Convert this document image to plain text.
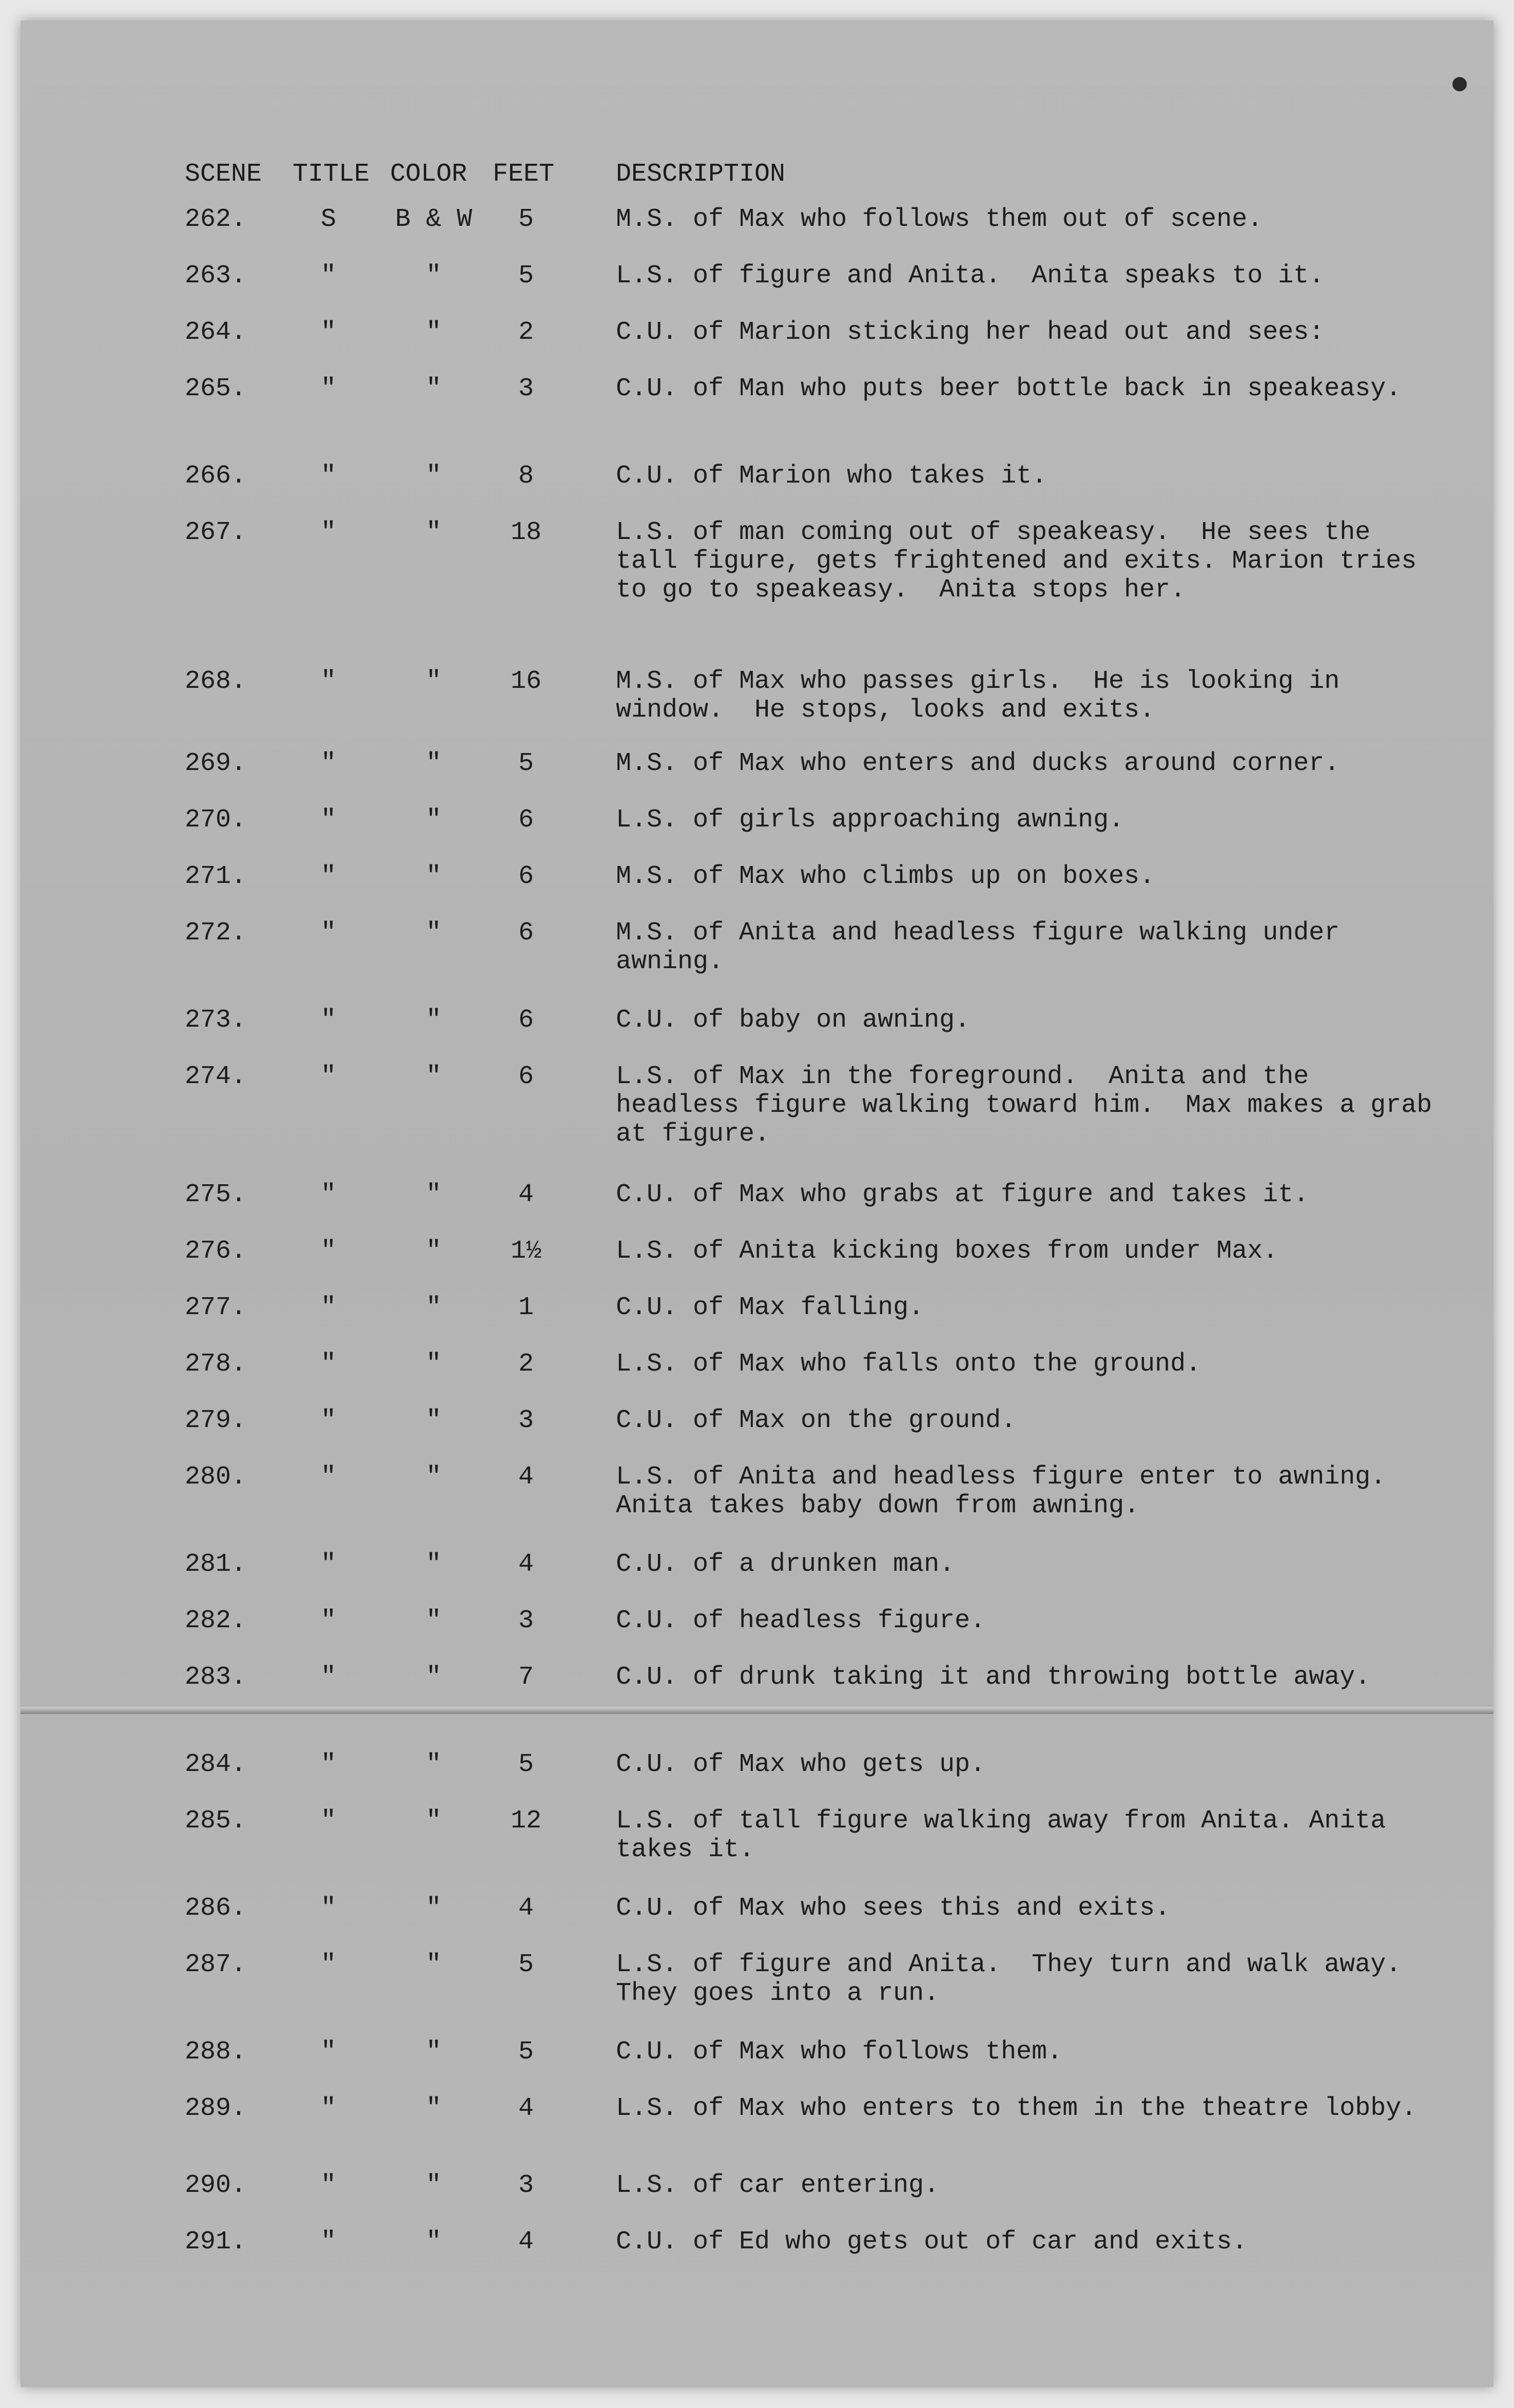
SCENE TITLE COLOR FEET DESCRIPTION
262.	S	B & W	5	M.S. of Max who follows them out of scene.
263.	"	"	5	L.S. of figure and Anita.  Anita speaks to it.
264.	"	"	2	C.U. of Marion sticking her head out and sees:
265.	"	"	3	C.U. of Man who puts beer bottle back in speakeasy.
266.	"	"	8	C.U. of Marion who takes it.
267.	"	"	18	L.S. of man coming out of speakeasy.  He sees the tall figure, gets frightened and exits. Marion tries to go to speakeasy.  Anita stops her.
268.	"	"	16	M.S. of Max who passes girls.  He is looking in window.  He stops, looks and exits.
269.	"	"	5	M.S. of Max who enters and ducks around corner.
270.	"	"	6	L.S. of girls approaching awning.
271.	"	"	6	M.S. of Max who climbs up on boxes.
272.	"	"	6	M.S. of Anita and headless figure walking under awning.
273.	"	"	6	C.U. of baby on awning.
274.	"	"	6	L.S. of Max in the foreground.  Anita and the headless figure walking toward him.  Max makes a grab at figure.
275.	"	"	4	C.U. of Max who grabs at figure and takes it.
276.	"	"	1½	L.S. of Anita kicking boxes from under Max.
277.	"	"	1	C.U. of Max falling.
278.	"	"	2	L.S. of Max who falls onto the ground.
279.	"	"	3	C.U. of Max on the ground.
280.	"	"	4	L.S. of Anita and headless figure enter to awning.  Anita takes baby down from awning.
281.	"	"	4	C.U. of a drunken man.
282.	"	"	3	C.U. of headless figure.
283.	"	"	7	C.U. of drunk taking it and throwing bottle away.
284.	"	"	5	C.U. of Max who gets up.
285.	"	"	12	L.S. of tall figure walking away from Anita. Anita takes it.
286.	"	"	4	C.U. of Max who sees this and exits.
287.	"	"	5	L.S. of figure and Anita.  They turn and walk away.  They goes into a run.
288.	"	"	5	C.U. of Max who follows them.
289.	"	"	4	L.S. of Max who enters to them in the theatre lobby.
290.	"	"	3	L.S. of car entering.
291.	"	"	4	C.U. of Ed who gets out of car and exits.
